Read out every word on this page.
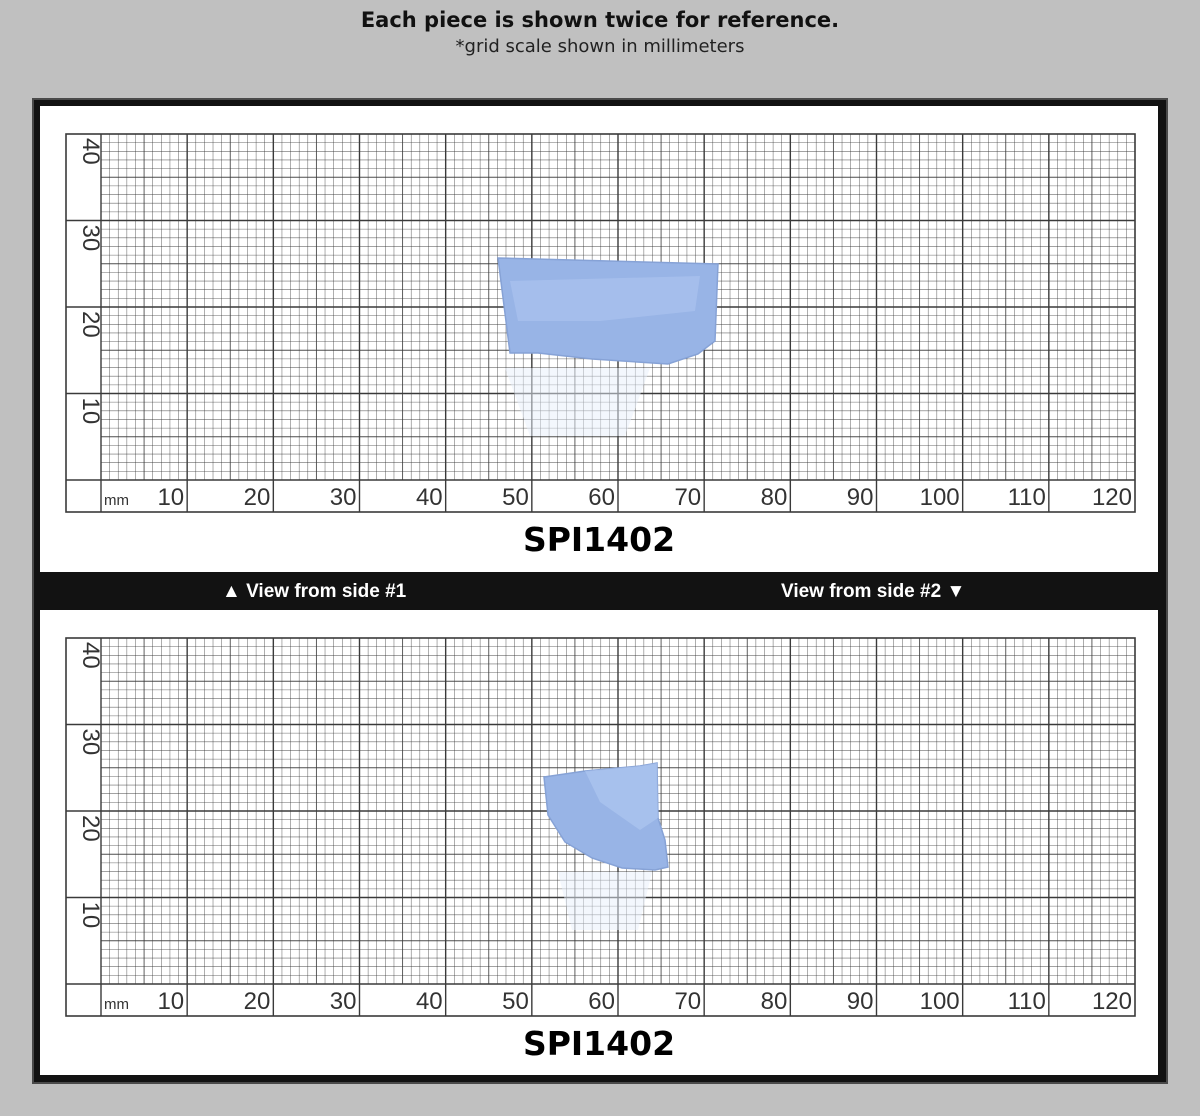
Each piece is shown twice for reference.
*grid scale shown in millimeters
10 20 30 40 50 60 70 80 90 100 110 120
mm
10
20
30
40
SPI1402
▲ View from side #1	View from side #2 ▼
10 20 30 40 50 60 70 80 90 100 110 120
mm
10
20
30
40
SPI1402
